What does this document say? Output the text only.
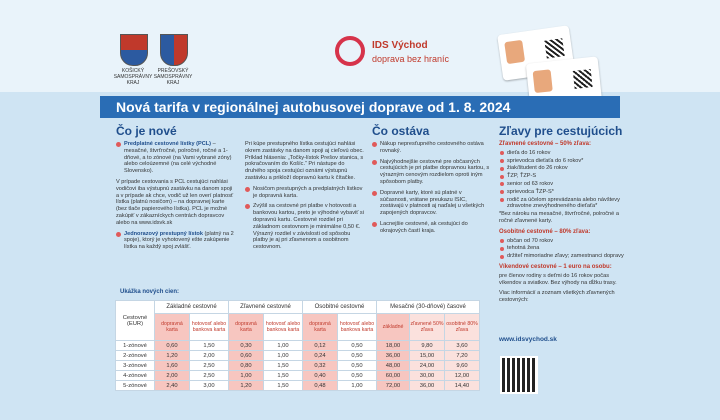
KOŠICKÝ SAMOSPRÁVNY KRAJ
PREŠOVSKÝ SAMOSPRÁVNY KRAJ
IDS Východ
doprava bez hraníc
Nová tarifa v regionálnej autobusovej doprave od 1. 8. 2024
Čo je nové
Predplatné cestovné lístky (PCL) – mesačné, štvrťročné, polročné, ročné a 1-dňové, a to zónové (na Vami vybrané zóny) alebo celoúzemné (na celé východné Slovensko).

V prípade cestovania s PCL cestujúci nahlási vodičovi iba výstupnú zastávku na danom spoji a v prípade ak chce, vodič už len overí platnosť lístka (platnú nosičom) – na dopravnej karte (bez tlače papierového lístka). PCL je možné zakúpiť v zákazníckych centrách dopravcov alebo na www.idsvk.sk

Jednorazový prestupný lístok (platný na 2 spoje), ktorý je vyhotovený ešte zakúpenie lístka na každý spoj zvlášť.

Pri kúpe prestupného lístka cestujúci nahlási okrem zastávky na danom spoji aj cieľovú obec. Príklad hlásenia: „Točky-lístok Prešov stanica, s pokračovaním do Košíc.“ Pri nástupe do druhého spoja cestujúci oznámi výstupnú zastávku a prikloží dopravnú kartu k čítačke.

Nosičom prestupných a predplatných lístkov je dopravná karta.
Zvýšil sa cestovné pri platbe v hotovosti a bankovou kartou, preto je výhodné vybaviť si dopravnú kartu. Cestovné rozdiel pri základnom cestovnom je minimálne 0,50 €. Výrazný rozdiel v závislosti od spôsobu platby je aj pri zľavnenom a osobitnom cestovnom.
Čo ostáva
Nákup nepresťupného cestovného ostáva rovnaký.
Najvýhodnejšie cestovné pre občasných cestujúcich je pri platbe dopravnou kartou, s výrazným cenovým rozdielom oproti iným spôsobom platby.
Dopravné karty, ktoré sú platné v súčasnosti, vrátane preukazu ISIC, zostávajú v platnosti aj naďalej u všetkých zapojených dopravcov.
Lacnejšie cestovné, ak cestujúci do okrajových častí kraja.
Zľavy pre cestujúcich
Zľavnené cestovné – 50% zľava:
dieťa do 16 rokov
sprievodca dieťaťa do 6 rokov*
žiak/študent do 26 rokov
ŤZP, ŤZP-S
senior od 63 rokov
sprievodca ŤZP-S*
rodič za účelom sprevádzania alebo návštevy zdravotne znevýhodneného dieťaťa*

*Bez nároku na mesačné, štvrťročné, polročné a ročné zľavnené karty.

Osobitné cestovné – 80% zľava:
občan od 70 rokov
tehotná žena
držiteľ mimoriadne zľavy; zamestnanci dopravy
Víkendové cestovné – 1 euro na osobu:

pre členov rodiny s deťmi do 16 rokov počas víkendov a sviatkov. Bez výhody na dĺžku trasy.

Viac informácií a zoznam všetkých zľavnených cestovných:

www.idsvychod.sk
Ukážka nových cien:
Cestovné (EUR)	Základné cestovné		Zľavnené cestovné		Osobitné cestovné		Mesačné (30-dňové) časové		
	dopravná karta	hotovosť alebo bankova karta	dopravná karta	hotovosť alebo bankova karta	dopravná karta	hotovosť alebo bankova karta	základné	zľavnené 50% zľava	osobitné 80% zľava
1-zónové	0,60	1,50	0,30	1,00	0,12	0,50	18,00	9,80	3,60
2-zónové	1,20	2,00	0,60	1,00	0,24	0,50	36,00	15,00	7,20
3-zónové	1,60	2,50	0,80	1,50	0,32	0,50	48,00	24,00	9,60
4-zónové	2,00	2,50	1,00	1,50	0,40	0,50	60,00	30,00	12,00
5-zónové	2,40	3,00	1,20	1,50	0,48	1,00	72,00	36,00	14,40
